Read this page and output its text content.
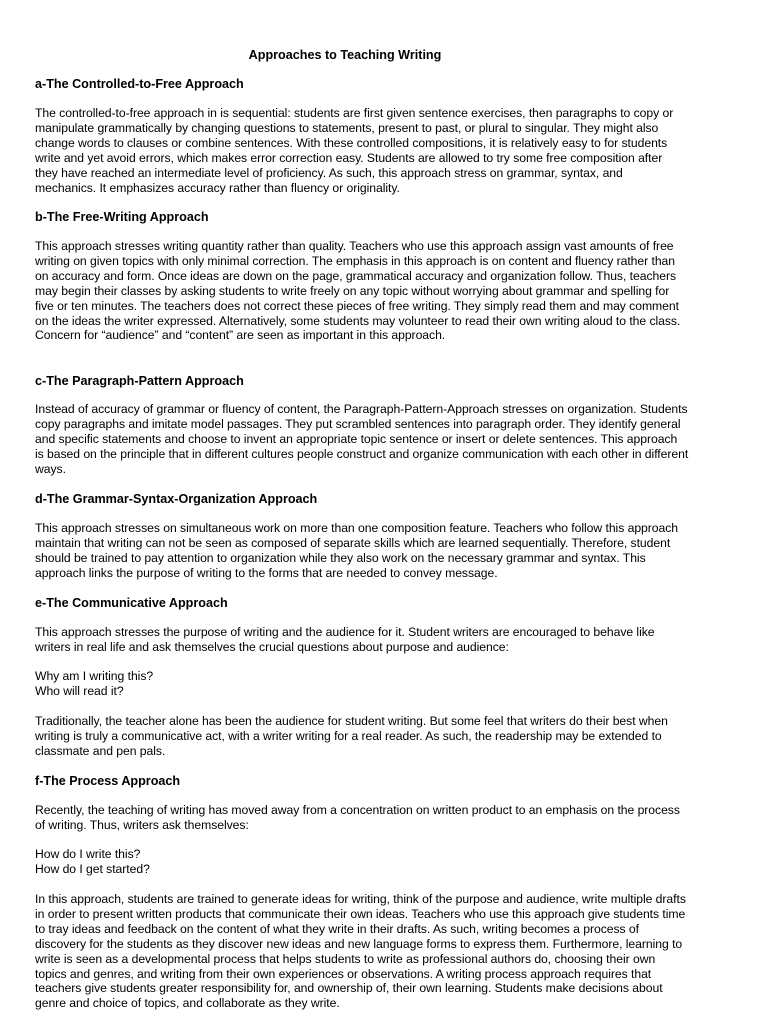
Approaches to Teaching Writing
a-The Controlled-to-Free Approach
The controlled-to-free approach in is sequential: students are first given sentence exercises, then paragraphs to copy or
manipulate grammatically by changing questions to statements, present to past, or plural to singular. They might also
change words to clauses or combine sentences. With these controlled compositions, it is relatively easy to for students
write and yet avoid errors, which makes error correction easy. Students are allowed to try some free composition after
they have reached an intermediate level of proficiency. As such, this approach stress on grammar, syntax, and
mechanics. It emphasizes accuracy rather than fluency or originality.
b-The Free-Writing Approach
This approach stresses writing quantity rather than quality. Teachers who use this approach assign vast amounts of free
writing on given topics with only minimal correction. The emphasis in this approach is on content and fluency rather than
on accuracy and form. Once ideas are down on the page, grammatical accuracy and organization follow. Thus, teachers
may begin their classes by asking students to write freely on any topic without worrying about grammar and spelling for
five or ten minutes. The teachers does not correct these pieces of free writing. They simply read them and may comment
on the ideas the writer expressed. Alternatively, some students may volunteer to read their own writing aloud to the class.
Concern for “audience” and “content” are seen as important in this approach.
c-The Paragraph-Pattern Approach
Instead of accuracy of grammar or fluency of content, the Paragraph-Pattern-Approach stresses on organization. Students
copy paragraphs and imitate model passages. They put scrambled sentences into paragraph order. They identify general
and specific statements and choose to invent an appropriate topic sentence or insert or delete sentences. This approach
is based on the principle that in different cultures people construct and organize communication with each other in different
ways.
d-The Grammar-Syntax-Organization Approach
This approach stresses on simultaneous work on more than one composition feature. Teachers who follow this approach
maintain that writing can not be seen as composed of separate skills which are learned sequentially. Therefore, student
should be trained to pay attention to organization while they also work on the necessary grammar and syntax. This
approach links the purpose of writing to the forms that are needed to convey message.
e-The Communicative Approach
This approach stresses the purpose of writing and the audience for it. Student writers are encouraged to behave like
writers in real life and ask themselves the crucial questions about purpose and audience:
Why am I writing this?
Who will read it?
Traditionally, the teacher alone has been the audience for student writing. But some feel that writers do their best when
writing is truly a communicative act, with a writer writing for a real reader. As such, the readership may be extended to
classmate and pen pals.
f-The Process Approach
Recently, the teaching of writing has moved away from a concentration on written product to an emphasis on the process
of writing. Thus, writers ask themselves:
How do I write this?
How do I get started?
In this approach, students are trained to generate ideas for writing, think of the purpose and audience, write multiple drafts
in order to present written products that communicate their own ideas. Teachers who use this approach give students time
to tray ideas and feedback on the content of what they write in their drafts. As such, writing becomes a process of
discovery for the students as they discover new ideas and new language forms to express them. Furthermore, learning to
write is seen as a developmental process that helps students to write as professional authors do, choosing their own
topics and genres, and writing from their own experiences or observations. A writing process approach requires that
teachers give students greater responsibility for, and ownership of, their own learning. Students make decisions about
genre and choice of topics, and collaborate as they write.
